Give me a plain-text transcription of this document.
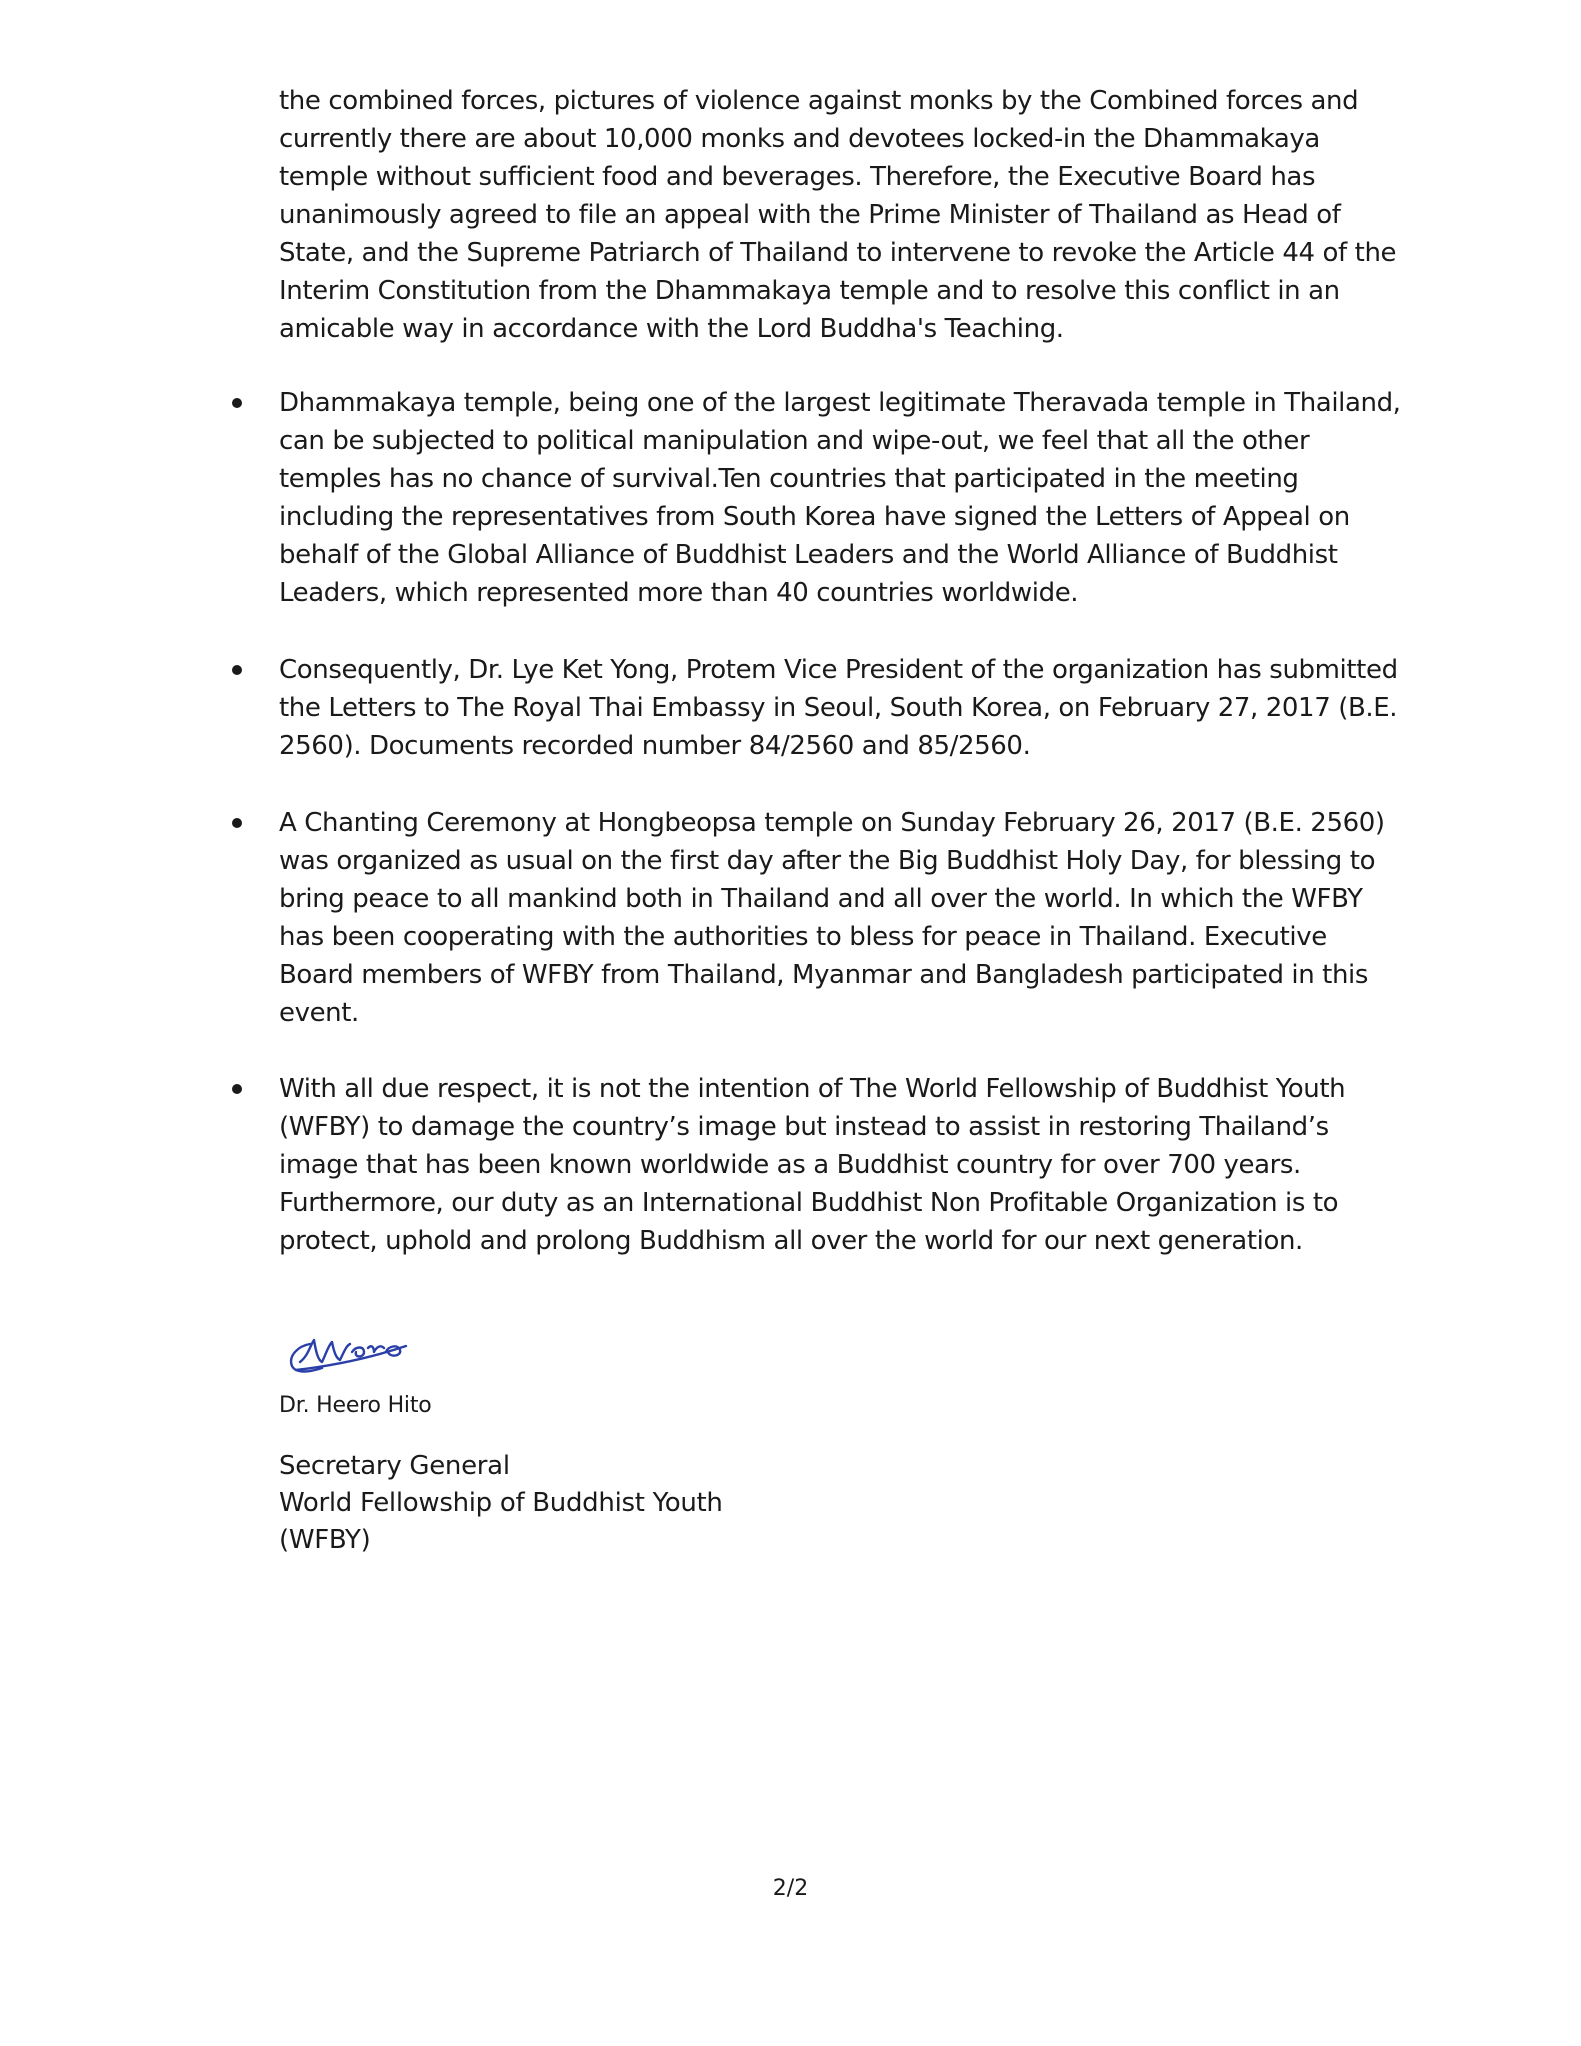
the combined forces, pictures of violence against monks by the Combined forces and currently there are about 10,000 monks and devotees locked-in the Dhammakaya temple without sufficient food and beverages. Therefore, the Executive Board has unanimously agreed to file an appeal with the Prime Minister of Thailand as Head of State, and the Supreme Patriarch of Thailand to intervene to revoke the Article 44 of the Interim Constitution from the Dhammakaya temple and to resolve this conflict in an amicable way in accordance with the Lord Buddha's Teaching.

Dhammakaya temple, being one of the largest legitimate Theravada temple in Thailand, can be subjected to political manipulation and wipe-out, we feel that all the other temples has no chance of survival.Ten countries that participated in the meeting including the representatives from South Korea have signed the Letters of Appeal on behalf of the Global Alliance of Buddhist Leaders and the World Alliance of Buddhist Leaders, which represented more than 40 countries worldwide.
Consequently, Dr. Lye Ket Yong, Protem Vice President of the organization has submitted the Letters to The Royal Thai Embassy in Seoul, South Korea, on February 27, 2017 (B.E. 2560). Documents recorded number 84/2560 and 85/2560.
A Chanting Ceremony at Hongbeopsa temple on Sunday February 26, 2017 (B.E. 2560) was organized as usual on the first day after the Big Buddhist Holy Day, for blessing to bring peace to all mankind both in Thailand and all over the world. In which the WFBY has been cooperating with the authorities to bless for peace in Thailand. Executive Board members of WFBY from Thailand, Myanmar and Bangladesh participated in this event.
With all due respect, it is not the intention of The World Fellowship of Buddhist Youth (WFBY) to damage the country’s image but instead to assist in restoring Thailand’s image that has been known worldwide as a Buddhist country for over 700 years. Furthermore, our duty as an International Buddhist Non Profitable Organization is to protect, uphold and prolong Buddhism all over the world for our next generation.
Dr. Heero Hito
Secretary General
World Fellowship of Buddhist Youth
(WFBY)
2/2
